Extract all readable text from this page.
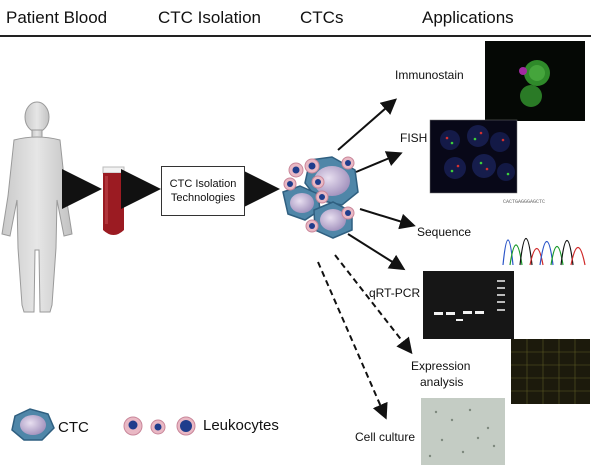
Patient Blood	CTC Isolation CTCs	Applications
CACTGAGGGAGCTC
CTC Isolation
Technologies
Immunostain
FISH
Sequence
qRT-PCR
Expression
analysis
Cell culture
CTC	Leukocytes
